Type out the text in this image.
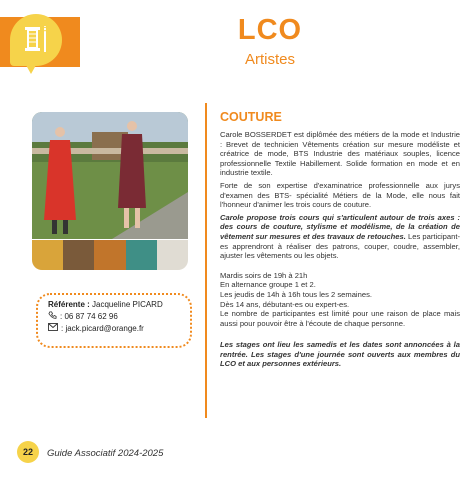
LCO
Artistes
Référente : Jacqueline PICARD
: 06 87 74 62 96
: jack.picard@orange.fr
COUTURE

Carole BOSSERDET est diplômée des métiers de la mode et Industrie : Brevet de technicien Vêtements création sur mesure modéliste et créatrice de mode, BTS Industrie des matériaux souples, licence professionnelle Textile Habillement. Solide formation en mode et en industrie textile.

Forte de son expertise d'examinatrice professionnelle aux jurys d'examen des BTS- spécialité Métiers de la Mode, elle nous fait l'honneur d'animer les trois cours de couture.

Carole propose trois cours qui s'articulent autour de trois axes : des cours de couture, stylisme et modélisme, de la création de vêtement sur mesures et des travaux de retouches. Les participant-es apprendront à réaliser des patrons, couper, coudre, assembler, ajuster les vêtements ou les objets.

Mardis soirs de 19h à 21h
En alternance groupe 1 et 2.
Les jeudis de 14h à 16h tous les 2 semaines.
Dès 14 ans, débutant-es ou expert-es.
Le nombre de participantes est limité pour une raison de place mais aussi pour pouvoir être à l'écoute de chaque personne.

Les stages ont lieu les samedis et les dates sont annoncées à la rentrée. Les stages d'une journée sont ouverts aux membres du LCO et aux personnes extérieurs.

22	Guide Associatif 2024-2025
